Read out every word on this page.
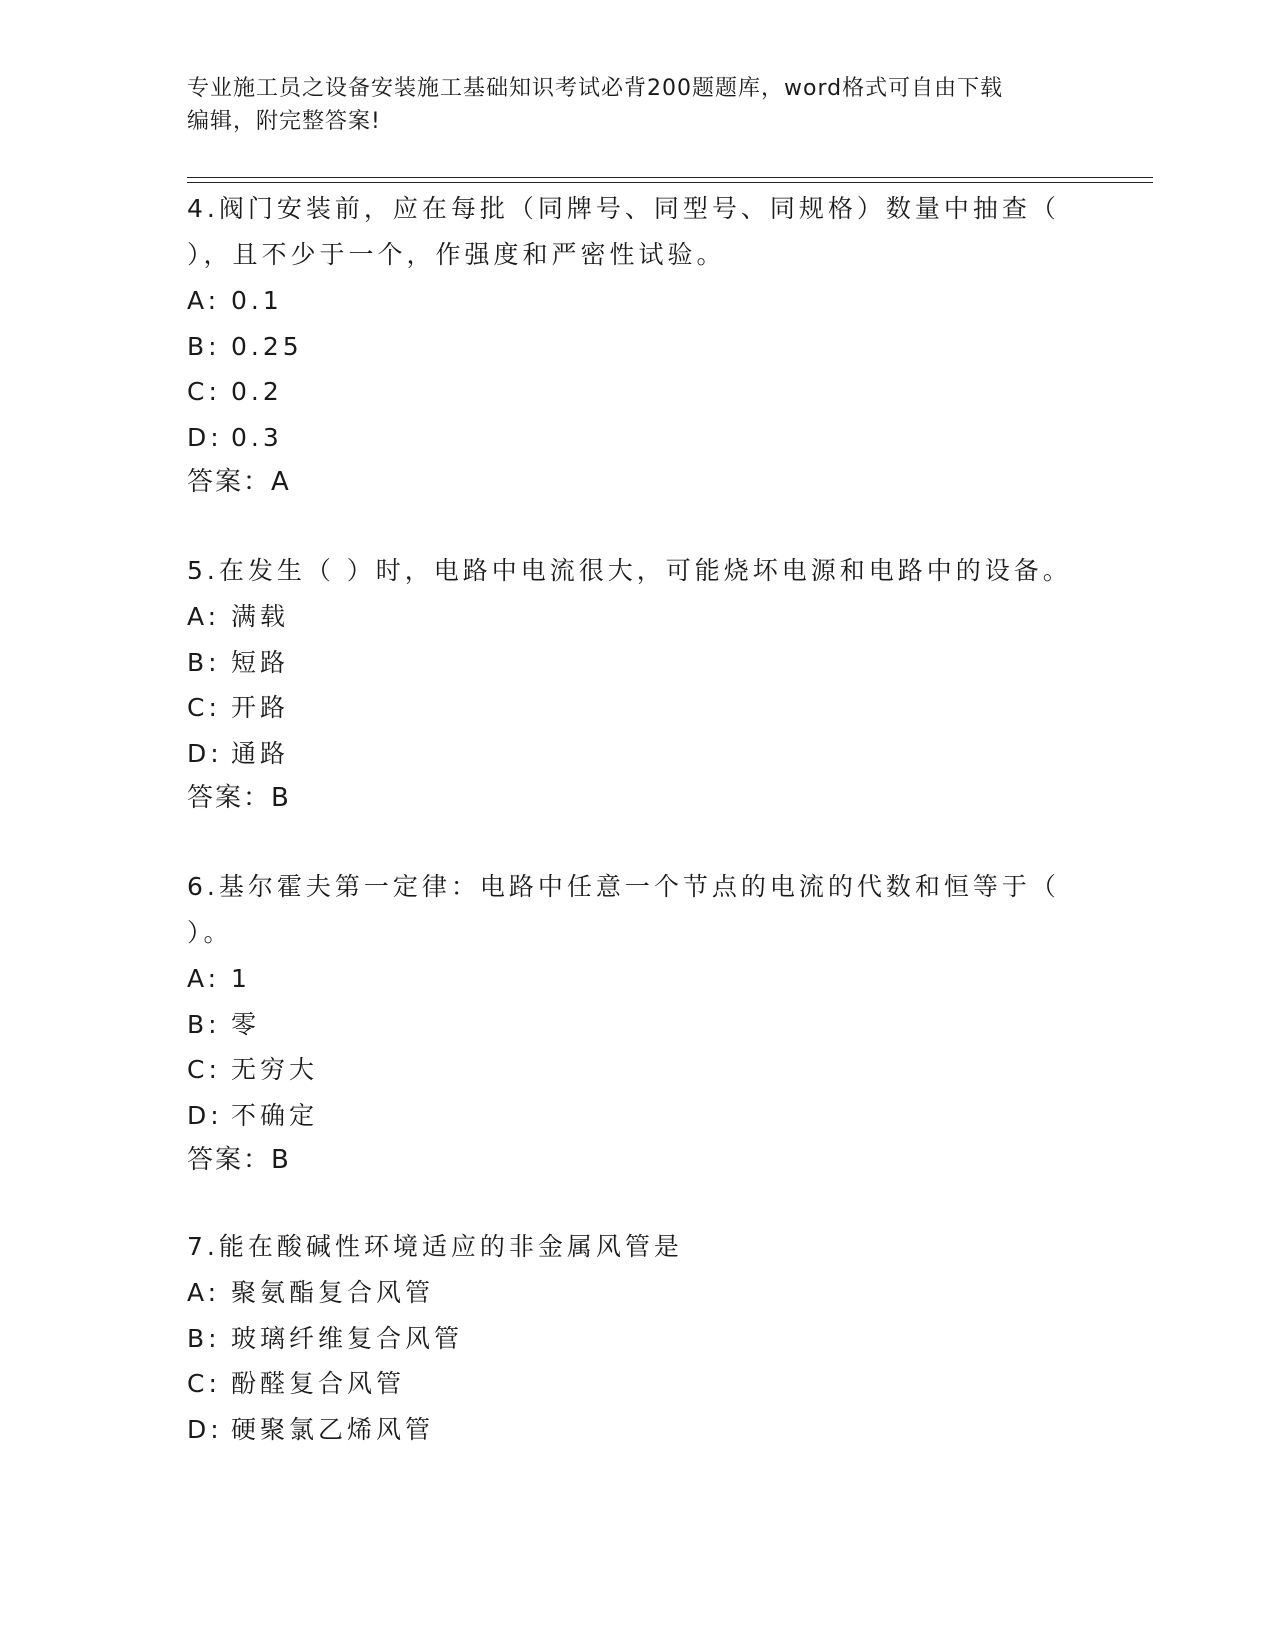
专业施工员之设备安装施工基础知识考试必背200题题库，word格式可自由下载
编辑，附完整答案!

4.阀门安装前，应在每批（同牌号、同型号、同规格）数量中抽查（

），且不少于一个，作强度和严密性试验。

A: 0.1

B: 0.25

C: 0.2

D: 0.3

答案：A

5.在发生（ ）时，电路中电流很大，可能烧坏电源和电路中的设备。

A: 满载

B: 短路

C: 开路

D: 通路

答案：B

6.基尔霍夫第一定律：电路中任意一个节点的电流的代数和恒等于（

）。

A: 1

B: 零

C: 无穷大

D: 不确定

答案：B

7.能在酸碱性环境适应的非金属风管是

A: 聚氨酯复合风管

B: 玻璃纤维复合风管

C: 酚醛复合风管

D: 硬聚氯乙烯风管
